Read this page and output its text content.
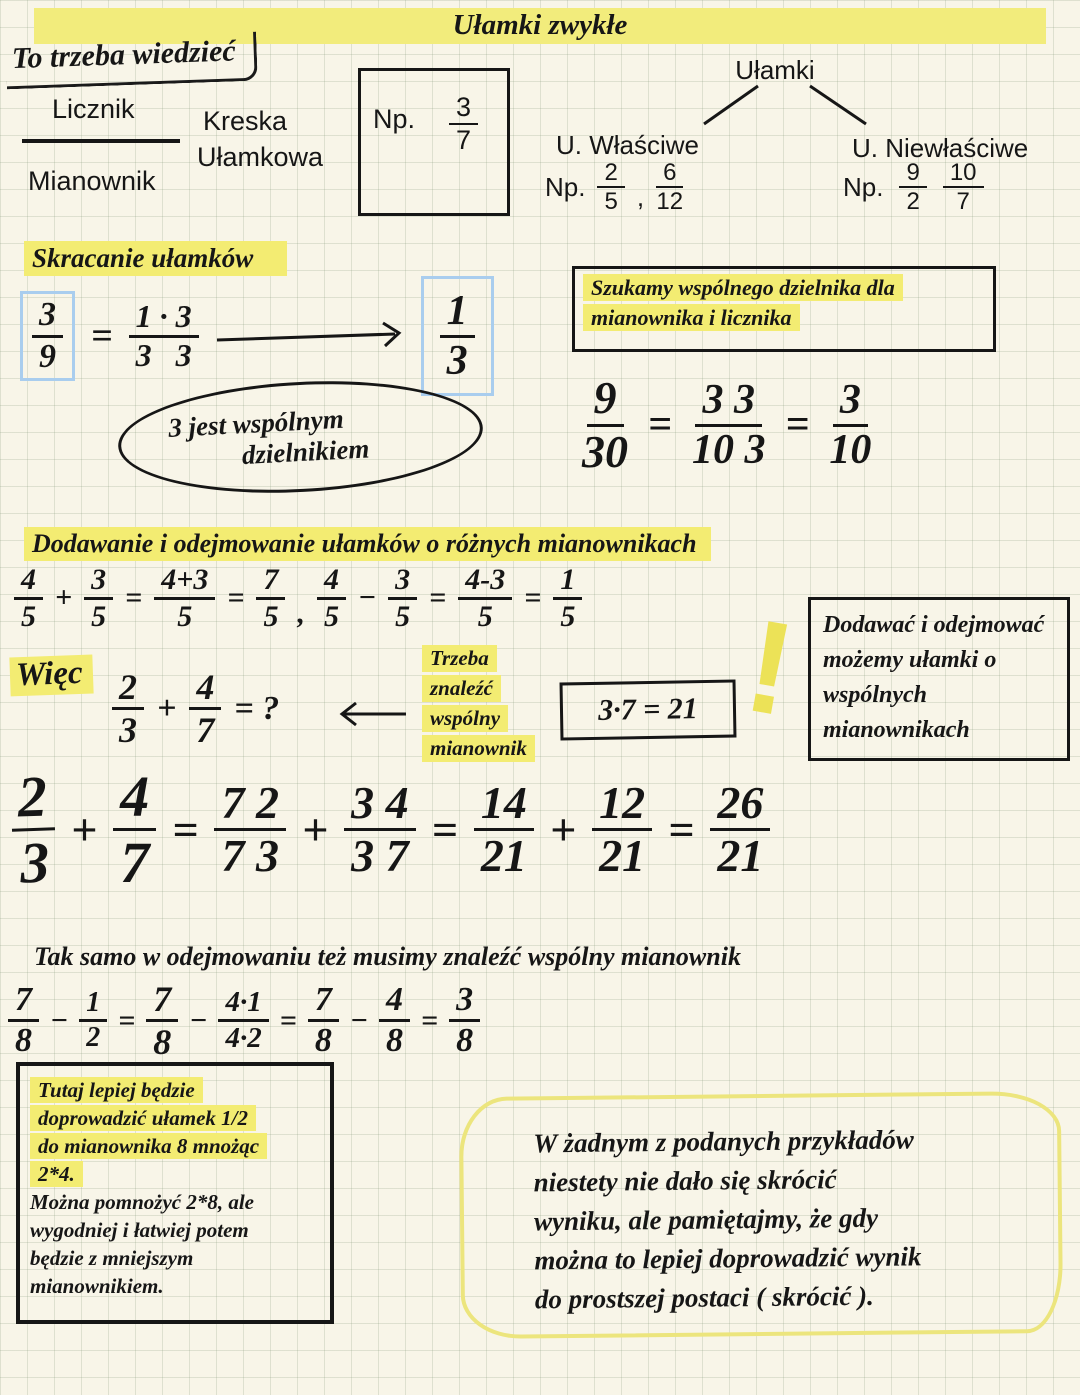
Ułamki zwykłe
To trzeba wiedzieć
Licznik	Kreska
Ułamkowa
Mianownik
Np. $\frac{3}{7}$
Ułamki
U. Właściwe	U. Niewłaściwe
Np. $\frac{2}{5}$ , $\frac{6}{12}$	Np. $\frac{9}{2} \frac{10}{7}$
Skracanie ułamków
$\frac{3}{9} = \frac{1 \cdot 3}{3 3}$	$\frac{1}{3}$
3 jest wspólnym
dzielnikiem
Szukamy wspólnego dzielnika dla
mianownika i licznika
$\frac{9}{30} = \frac{3 3}{10 3} = \frac{3}{10}$
Dodawanie i odejmowanie ułamków o różnych mianownikach
$\frac{4}{5} + \frac{3}{5} = \frac{4+3}{5} = \frac{7}{5}$ , $\frac{4}{5} - \frac{3}{5} = \frac{4-3}{5} = \frac{1}{5}$
Więc $\frac{2}{3} + \frac{4}{7}$ = ?
Trzeba
znaleźć
wspólny
mianownik
3·7 = 21 ! Dodawać i odejmować
możemy ułamki o
wspólnych
mianownikach
$\frac{2}{3} + \frac{4}{7} = \frac{7 2}{7 3} + \frac{3 4}{3 7} = \frac{14}{21} + \frac{12}{21} = \frac{26}{21}$
Tak samo w odejmowaniu też musimy znaleźć wspólny mianownik
$\frac{7}{8} - \frac{1}{2} = \frac{7}{8} - \frac{4\cdot 1}{4\cdot 2} = \frac{7}{8} - \frac{4}{8} = \frac{3}{8}$
Tutaj lepiej będzie
doprowadzić ułamek 1/2
do mianownika 8 mnożąc
2*4.
Można pomnożyć 2*8, ale
wygodniej i łatwiej potem
będzie z mniejszym
mianownikiem.
W żadnym z podanych przykładów
niestety nie dało się skrócić
wyniku, ale pamiętajmy, że gdy
można to lepiej doprowadzić wynik
do prostszej postaci ( skrócić ).
